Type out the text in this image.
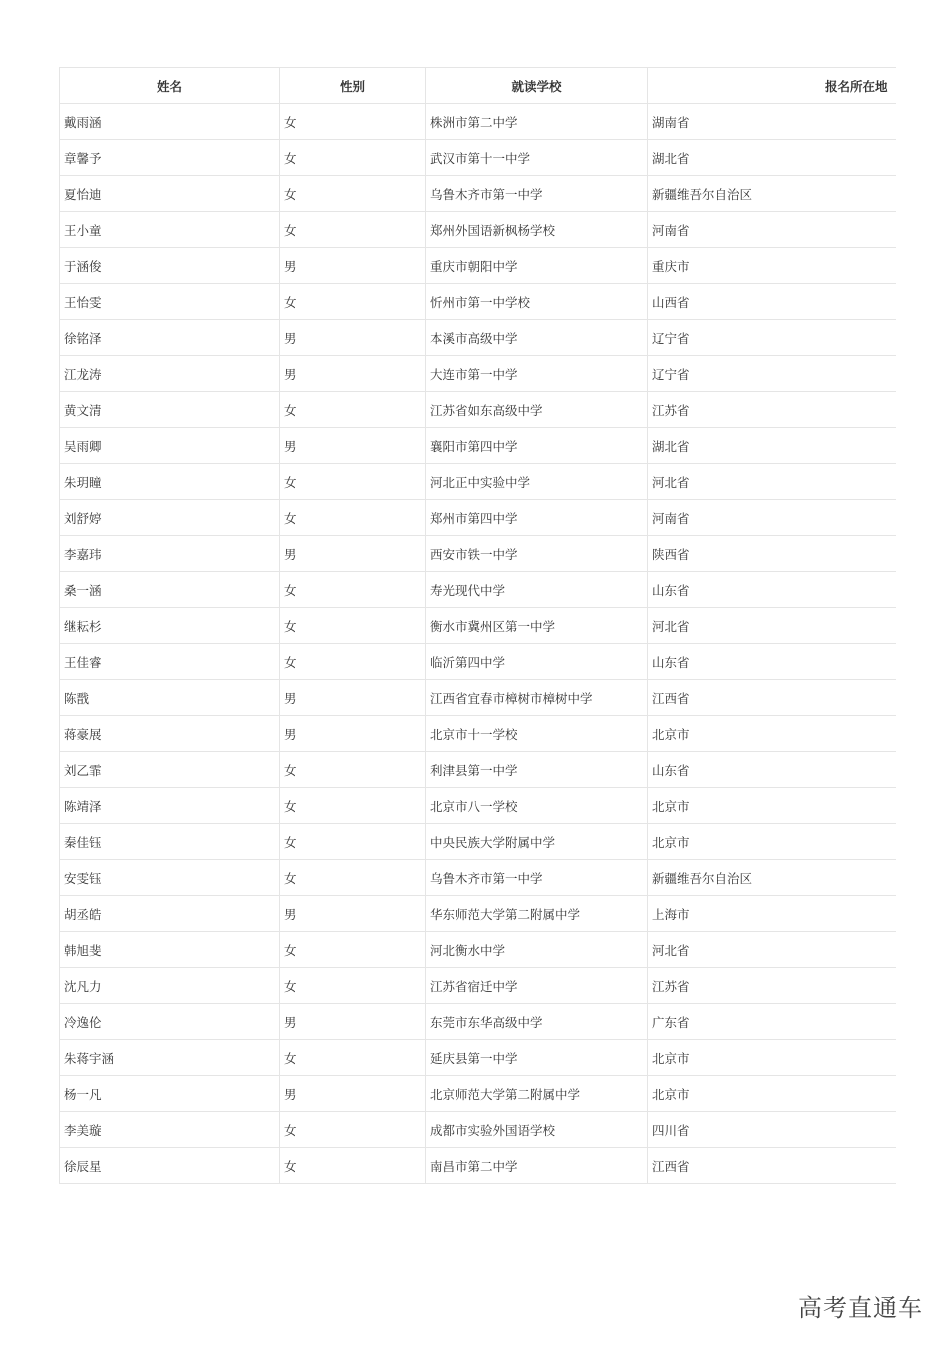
姓名	性别	就读学校	报名所在地
戴雨涵	女	株洲市第二中学	湖南省
章馨予	女	武汉市第十一中学	湖北省
夏怡迪	女	乌鲁木齐市第一中学	新疆维吾尔自治区
王小童	女	郑州外国语新枫杨学校	河南省
于涵俊	男	重庆市朝阳中学	重庆市
王怡雯	女	忻州市第一中学校	山西省
徐铭泽	男	本溪市高级中学	辽宁省
江龙涛	男	大连市第一中学	辽宁省
黄文清	女	江苏省如东高级中学	江苏省
吴雨卿	男	襄阳市第四中学	湖北省
朱玥瞳	女	河北正中实验中学	河北省
刘舒婷	女	郑州市第四中学	河南省
李嘉玮	男	西安市铁一中学	陕西省
桑一涵	女	寿光现代中学	山东省
继耘杉	女	衡水市冀州区第一中学	河北省
王佳睿	女	临沂第四中学	山东省
陈戬	男	江西省宜春市樟树市樟树中学	江西省
蒋豪展	男	北京市十一学校	北京市
刘乙霏	女	利津县第一中学	山东省
陈靖泽	女	北京市八一学校	北京市
秦佳钰	女	中央民族大学附属中学	北京市
安雯钰	女	乌鲁木齐市第一中学	新疆维吾尔自治区
胡丞皓	男	华东师范大学第二附属中学	上海市
韩旭斐	女	河北衡水中学	河北省
沈凡力	女	江苏省宿迁中学	江苏省
冷逸伦	男	东莞市东华高级中学	广东省
朱蒋宇涵	女	延庆县第一中学	北京市
杨一凡	男	北京师范大学第二附属中学	北京市
李美璇	女	成都市实验外国语学校	四川省
徐辰星	女	南昌市第二中学	江西省
高考直通车
